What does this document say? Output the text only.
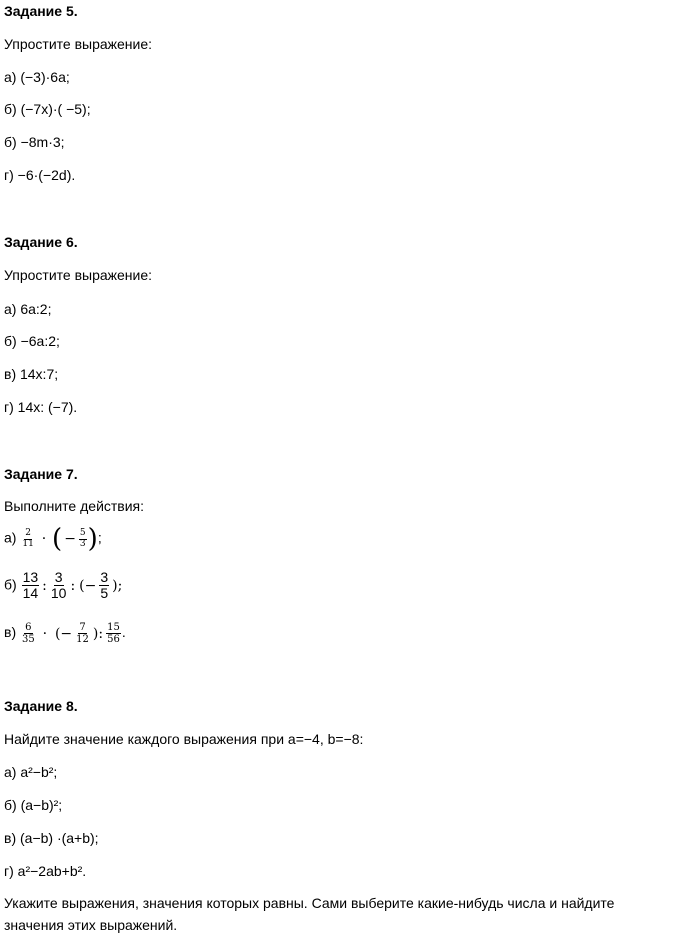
Задание 5.
Упростите выражение:
а) (−3)·6a;
б) (−7x)·( −5);
б) −8m·3;
г) −6·(−2d).
Задание 6.
Упростите выражение:
а) 6a:2;
б) −6a:2;
в) 14x:7;
г) 14x: (−7).
Задание 7.
Выполните действия:
$а) \frac{2}{11}$ · ( − $\frac{5}{3}$ );
$б) \frac{13}{14}$ : $\frac{3}{10}$ : (− $\frac{3}{5}$ );
$в) \frac{6}{35}$ · (− $\frac{7}{12}$ ): $\frac{15}{56}$ .
Задание 8.
Найдите значение каждого выражения при a=−4, b=−8:
а) a²−b²;
б) (a−b)²;
в) (a−b) ·(a+b);
г) a²−2ab+b².
Укажите выражения, значения которых равны. Сами выберите какие-нибудь числа и найдите значения этих выражений.
